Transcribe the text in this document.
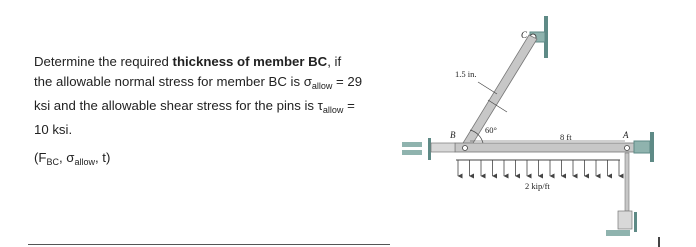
Determine the required thickness of member BC, if

the allowable normal stress for member BC is $\sigma_{allow} = 29$

ksi and the allowable shear stress for the pins is $\tau_{allow}$ =

10 ksi.

($F_{BC}$, $\sigma_{allow}$, t)
C
B	A
1.5 in.
60°
8 ft
2 kip/ft
